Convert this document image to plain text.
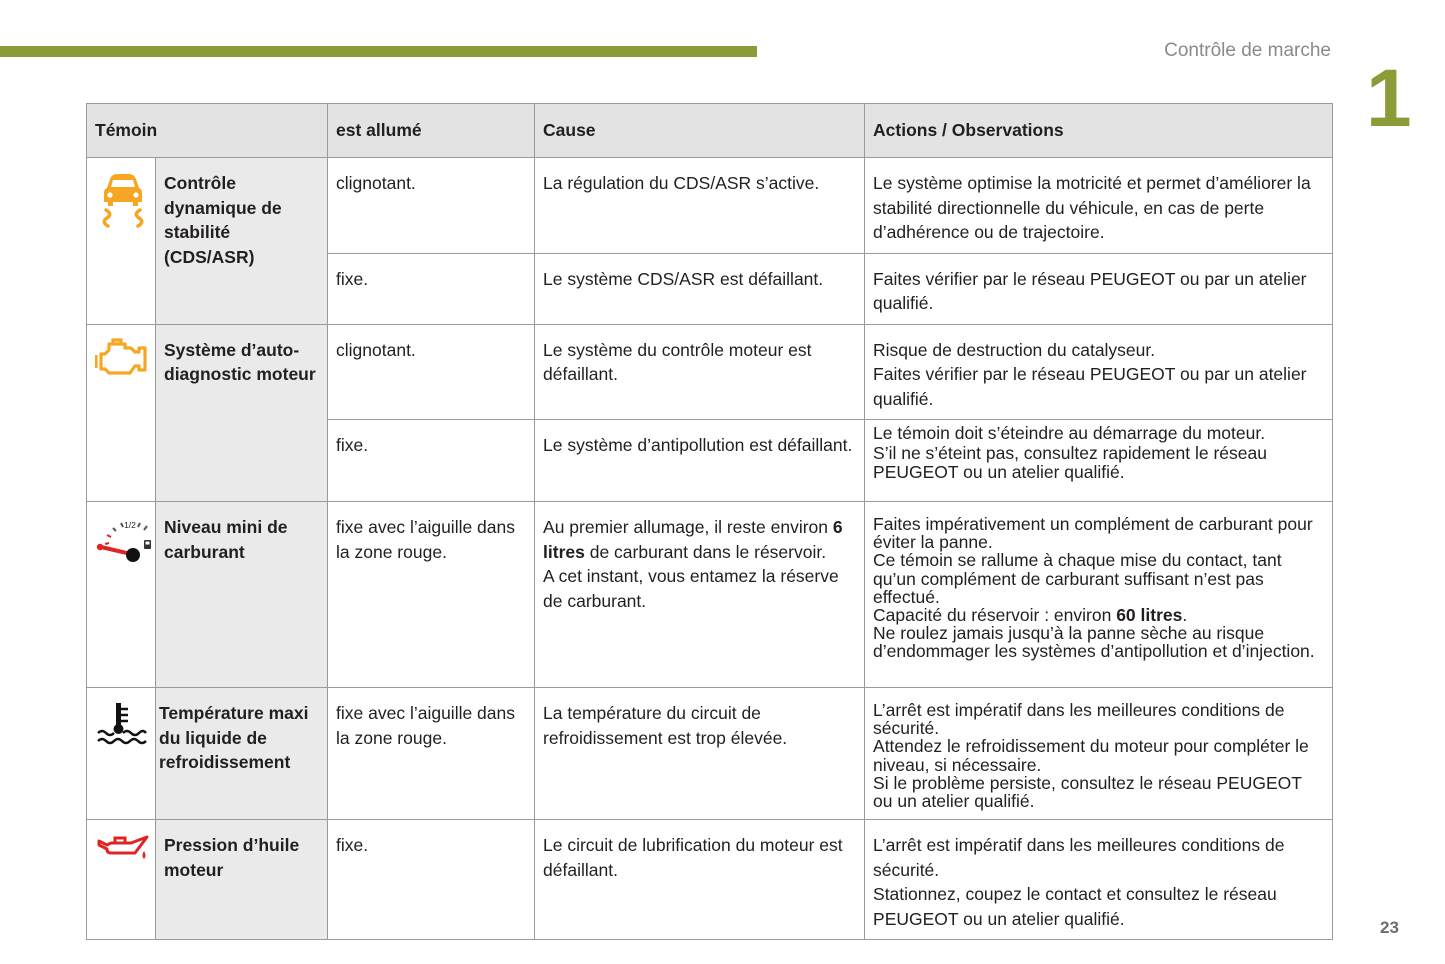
Contrôle de marche
1
Témoin		est allumé	Cause	Actions / Observations

	Contrôle dynamique de stabilité (CDS/ASR)	clignotant.	La régulation du CDS/ASR s’active.	Le système optimise la motricité et permet d’améliorer la stabilité directionnelle du véhicule, en cas de perte d’adhérence ou de trajectoire.

		fixe.	Le système CDS/ASR est défaillant.	Faites vérifier par le réseau PEUGEOT ou par un atelier qualifié.

	Système d’auto-diagnostic moteur	clignotant.	Le système du contrôle moteur est défaillant.	Risque de destruction du catalyseur.
Faites vérifier par le réseau PEUGEOT ou par un atelier qualifié.

		fixe.	Le système d’antipollution est défaillant.	Le témoin doit s’éteindre au démarrage du moteur.
S’il ne s’éteint pas, consultez rapidement le réseau PEUGEOT ou un atelier qualifié.

1/2	Niveau mini de carburant	fixe avec l’aiguille dans la zone rouge.	Au premier allumage, il reste environ 6 litres de carburant dans le réservoir.
A cet instant, vous entamez la réserve de carburant.	Faites impérativement un complément de carburant pour éviter la panne.
Ce témoin se rallume à chaque mise du contact, tant qu’un complément de carburant suffisant n’est pas effectué.
Capacité du réservoir : environ 60 litres.
Ne roulez jamais jusqu’à la panne sèche au risque d’endommager les systèmes d’antipollution et d’injection.

	Température maxi du liquide de refroidissement	fixe avec l’aiguille dans la zone rouge.	La température du circuit de refroidissement est trop élevée.	L’arrêt est impératif dans les meilleures conditions de sécurité.
Attendez le refroidissement du moteur pour compléter le niveau, si nécessaire.
Si le problème persiste, consultez le réseau PEUGEOT ou un atelier qualifié.

	Pression d’huile moteur	fixe.	Le circuit de lubrification du moteur est défaillant.	L’arrêt est impératif dans les meilleures conditions de sécurité.
Stationnez, coupez le contact et consultez le réseau PEUGEOT ou un atelier qualifié.	23
